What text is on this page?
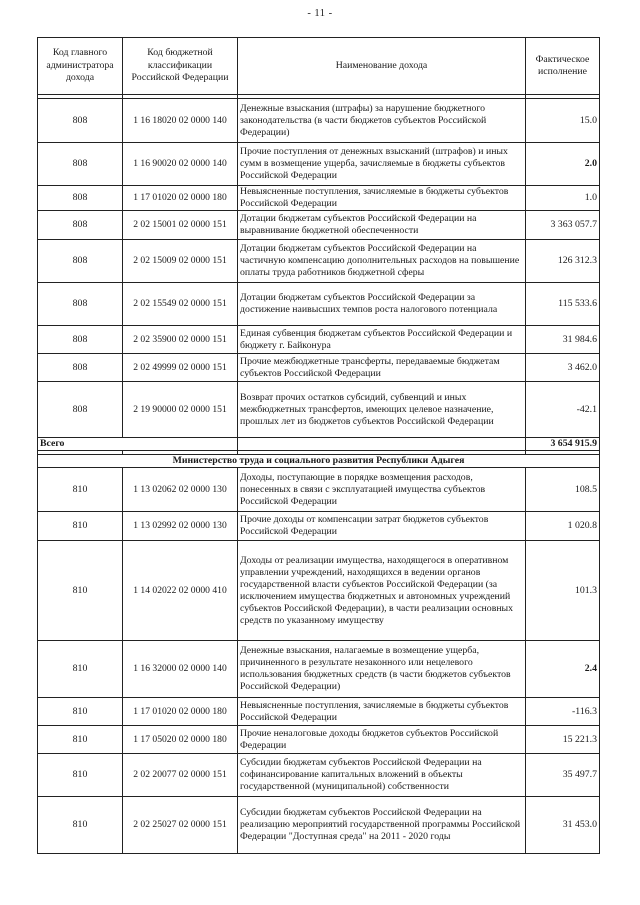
- 11 -
Код главного администратора дохода	Код бюджетной классификации Российской Федерации	Наименование дохода	Фактическое исполнение

808	1 16 18020 02 0000 140	Денежные взыскания (штрафы) за нарушение бюджетного законодательства (в части бюджетов субъектов Российской Федерации)	15.0
808	1 16 90020 02 0000 140	Прочие поступления от денежных взысканий (штрафов) и иных сумм в возмещение ущерба, зачисляемые в бюджеты субъектов Российской Федерации	2.0
808	1 17 01020 02 0000 180	Невыясненные поступления, зачисляемые в бюджеты субъектов Российской Федерации	1.0
808	2 02 15001 02 0000 151	Дотации бюджетам субъектов Российской Федерации на выравнивание бюджетной обеспеченности	3 363 057.7
808	2 02 15009 02 0000 151	Дотации бюджетам субъектов Российской Федерации на частичную компенсацию дополнительных расходов на повышение оплаты труда работников бюджетной сферы	126 312.3
808	2 02 15549 02 0000 151	Дотации бюджетам субъектов Российской Федерации за достижение наивысших темпов роста налогового потенциала	115 533.6
808	2 02 35900 02 0000 151	Единая субвенция бюджетам субъектов Российской Федерации и бюджету г. Байконура	31 984.6
808	2 02 49999 02 0000 151	Прочие межбюджетные трансферты, передаваемые бюджетам субъектов Российской Федерации	3 462.0
808	2 19 90000 02 0000 151	Возврат прочих остатков субсидий, субвенций и иных межбюджетных трансфертов, имеющих целевое назначение, прошлых лет из бюджетов субъектов Российской Федерации	-42.1
Всего			3 654 915.9

Министерство труда и социального развития Республики Адыгея			
810	1 13 02062 02 0000 130	Доходы, поступающие в порядке возмещения расходов, понесенных в связи с эксплуатацией имущества субъектов Российской Федерации	108.5
810	1 13 02992 02 0000 130	Прочие доходы от компенсации затрат бюджетов субъектов Российской Федерации	1 020.8
810	1 14 02022 02 0000 410	Доходы от реализации имущества, находящегося в оперативном управлении учреждений, находящихся в ведении органов государственной власти субъектов Российской Федерации (за исключением имущества бюджетных и автономных учреждений субъектов Российской Федерации), в части реализации основных средств по указанному имуществу	101.3
810	1 16 32000 02 0000 140	Денежные взыскания, налагаемые в возмещение ущерба, причиненного в результате незаконного или нецелевого использования бюджетных средств (в части бюджетов субъектов Российской Федерации)	2.4
810	1 17 01020 02 0000 180	Невыясненные поступления, зачисляемые в бюджеты субъектов Российской Федерации	-116.3
810	1 17 05020 02 0000 180	Прочие неналоговые доходы бюджетов субъектов Российской Федерации	15 221.3
810	2 02 20077 02 0000 151	Субсидии бюджетам субъектов Российской Федерации на софинансирование капитальных вложений в объекты государственной (муниципальной) собственности	35 497.7
810	2 02 25027 02 0000 151	Субсидии бюджетам субъектов Российской Федерации на реализацию мероприятий государственной программы Российской Федерации "Доступная среда" на 2011 - 2020 годы	31 453.0
